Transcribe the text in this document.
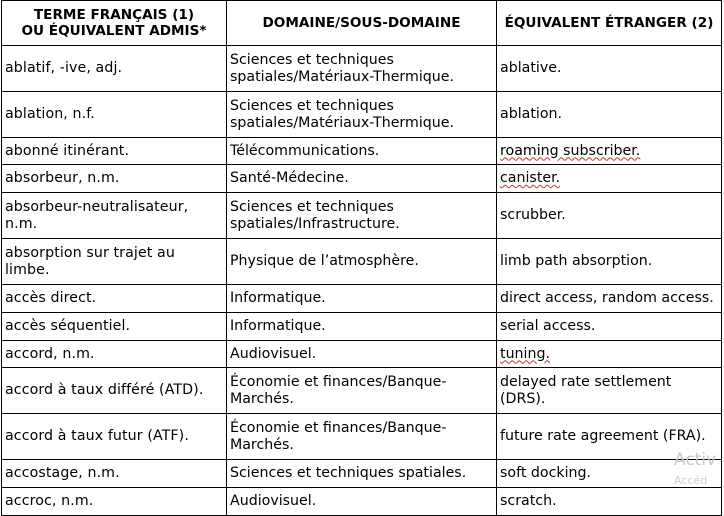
TERME FRANÇAIS (1)
OU ÉQUIVALENT ADMIS*	DOMAINE/SOUS-DOMAINE	ÉQUIVALENT ÉTRANGER (2)
ablatif, -ive, adj.	Sciences et techniques spatiales/Matériaux-Thermique.	ablative.
ablation, n.f.	Sciences et techniques spatiales/Matériaux-Thermique.	ablation.
abonné itinérant.	Télécommunications.	roaming subscriber.
absorbeur, n.m.	Santé-Médecine.	canister.
absorbeur-neutralisateur, n.m.	Sciences et techniques spatiales/Infrastructure.	scrubber.
absorption sur trajet au limbe.	Physique de l’atmosphère.	limb path absorption.
accès direct.	Informatique.	direct access, random access.
accès séquentiel.	Informatique.	serial access.
accord, n.m.	Audiovisuel.	tuning.
accord à taux différé (ATD).	Économie et finances/Banque-Marchés.	delayed rate settlement (DRS).
accord à taux futur (ATF).	Économie et finances/Banque-Marchés.	future rate agreement (FRA).
accostage, n.m.	Sciences et techniques spatiales.	soft docking.
accroc, n.m.	Audiovisuel.	scratch.
Activ
Accéd
